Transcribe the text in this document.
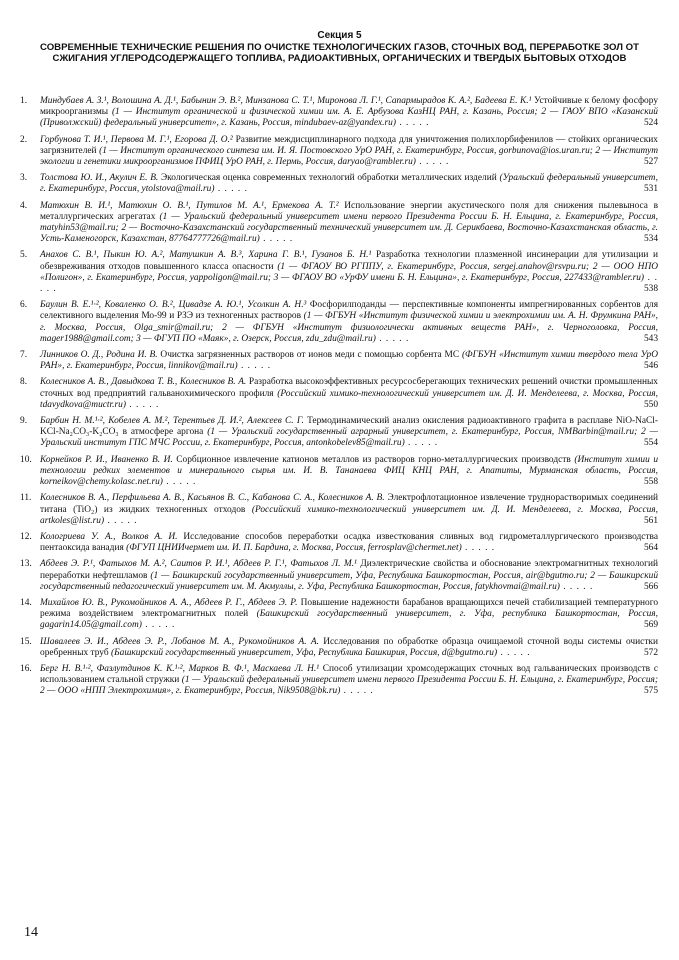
Секция 5
СОВРЕМЕННЫЕ ТЕХНИЧЕСКИЕ РЕШЕНИЯ ПО ОЧИСТКЕ ТЕХНОЛОГИЧЕСКИХ ГАЗОВ, СТОЧНЫХ ВОД, ПЕРЕРАБОТКЕ ЗОЛ ОТ СЖИГАНИЯ УГЛЕРОДСОДЕРЖАЩЕГО ТОПЛИВА, РАДИОАКТИВНЫХ, ОРГАНИЧЕСКИХ И ТВЕРДЫХ БЫТОВЫХ ОТХОДОВ
1.	Миндубаев А. З.¹, Волошина А. Д.¹, Бабынин Э. В.², Минзанова С. Т.¹, Миронова Л. Г.¹, Сапармырадов К. А.², Бадеева Е. К.¹ Устойчивые к белому фосфору микроорганизмы (1 — Институт органической и физической химии им. А. Е. Арбузова КазНЦ РАН, г. Казань, Россия; 2 — ГАОУ ВПО «Казанский (Приволжский) федеральный университет», г. Казань, Россия, mindubaev-az@yandex.ru) . . . . .	524
2.	Горбунова Т. И.¹, Первова М. Г.¹, Егорова Д. О.² Развитие междисциплинарного подхода для уничтожения полихлорбифенилов — стойких органических загрязнителей (1 — Институт органического синтеза им. И. Я. Постовского УрО РАН, г. Екатеринбург, Россия, gorbunova@ios.uran.ru; 2 — Институт экологии и генетики микроорганизмов ПФИЦ УрО РАН, г. Пермь, Россия, daryao@rambler.ru) . . . . .	527
3.	Толстова Ю. И., Акулич Е. В. Экологическая оценка современных технологий обработки металлических изделий (Уральский федеральный университет, г. Екатеринбург, Россия, ytolstova@mail.ru) . . . . .	531
4.	Матюхин В. И.¹, Матюхин О. В.¹, Путилов М. А.¹, Ермекова А. Т.² Использование энергии акустического поля для снижения пылевыноса в металлургических агрегатах (1 — Уральский федеральный университет имени первого Президента России Б. Н. Ельцина, г. Екатеринбург, Россия, matyhin53@mail.ru; 2 — Восточно-Казахстанский государственный технический университет им. Д. Серикбаева, Восточно-Казахстанская область, г. Усть-Каменогорск, Казахстан, 87764777726@mail.ru) . . . . .	534
5.	Анахов С. В.¹, Пыкин Ю. А.², Матушкин А. В.³, Харина Г. В.¹, Гузанов Б. Н.¹ Разработка технологии плазменной инсинерации для утилизации и обезвреживания отходов повышенного класса опасности (1 — ФГАОУ ВО РГППУ, г. Екатеринбург, Россия, sergej.anahov@rsvpu.ru; 2 — ООО НПО «Полигон», г. Екатеринбург, Россия, yappoligon@mail.ru; 3 — ФГАОУ ВО «УрФУ имени Б. Н. Ельцина», г. Екатеринбург, Россия, 227433@rambler.ru) . . . . .	538
6.	Баулин В. Е.¹·², Коваленко О. В.², Цивадзе А. Ю.¹, Усолкин А. Н.³ Фосфорилподанды — перспективные компоненты импрегнированных сорбентов для селективного выделения Мо-99 и РЗЭ из техногенных растворов (1 — ФГБУН «Институт физической химии и электрохимии им. А. Н. Фрумкина РАН», г. Москва, Россия, Olga_smir@mail.ru; 2 — ФГБУН «Институт физиологически активных веществ РАН», г. Черноголовка, Россия, mager1988@gmail.com; 3 — ФГУП ПО «Маяк», г. Озерск, Россия, zdu_zdu@mail.ru) . . . . .	543
7.	Линников О. Д., Родина И. В. Очистка загрязненных растворов от ионов меди с помощью сорбента МС (ФГБУН «Институт химии твердого тела УрО РАН», г. Екатеринбург, Россия, linnikov@mail.ru) . . . . .	546
8.	Колесников А. В., Давыдкова Т. В., Колесников В. А. Разработка высокоэффективных ресурсосберегающих технических решений очистки промышленных сточных вод предприятий гальванохимического профиля (Российский химико-технологический университет им. Д. И. Менделеева, г. Москва, Россия, tdavydkova@muctr.ru) . . . . .	550
9.	Барбин Н. М.¹·², Кобелев А. М.², Терентьев Д. И.², Алексеев С. Г. Термодинамический анализ окисления радиоактивного графита в расплаве NiO-NaCl-KCl-Na₂CO₃-K₂CO₃ в атмосфере аргона (1 — Уральский государственный аграрный университет, г. Екатеринбург, Россия, NMBarbin@mail.ru; 2 — Уральский институт ГПС МЧС России, г. Екатеринбург, Россия, antonkobelev85@mail.ru) . . . . .	554
10. Корнейков Р. И., Иваненко В. И. Сорбционное извлечение катионов металлов из растворов горно-металлургических производств (Институт химии и технологии редких элементов и минерального сырья им. И. В. Тананаева ФИЦ КНЦ РАН, г. Апатиты, Мурманская область, Россия, korneikov@chemy.kolasc.net.ru) . . . . .	558
11. Колесников В. А., Перфильева А. В., Касьянов В. С., Кабанова С. А., Колесников А. В. Электрофлотационное извлечение труднорастворимых соединений титана (TiO₂) из жидких техногенных отходов (Российский химико-технологический университет им. Д. И. Менделеева, г. Москва, Россия, artkoles@list.ru) . . . . .	561
12. Кологриева У. А., Волков А. И. Исследование способов переработки осадка известкования сливных вод гидрометаллургического производства пентаоксида ванадия (ФГУП ЦНИИчермет им. И. П. Бардина, г. Москва, Россия, ferrosplav@chermet.net) . . . . .	564
13. Абдеев Э. Р.¹, Фатыхов М. А.², Саитов Р. И.¹, Абдеев Р. Г.¹, Фатыхов Л. М.¹ Диэлектрические свойства и обоснование электромагнитных технологий переработки нефтешламов (1 — Башкирский государственный университет, Уфа, Республика Башкортостан, Россия, air@bgutmo.ru; 2 — Башкирский государственный педагогический университет им. М. Акмуллы, г. Уфа, Республика Башкортостан, Россия, fatykhovmai@mail.ru) . . . . .	566
14. Михайлов Ю. В., Рукомойников А. А., Абдеев Р. Г., Абдеев Э. Р. Повышение надежности барабанов вращающихся печей стабилизацией температурного режима воздействием электромагнитных полей (Башкирский государственный университет, г. Уфа, республика Башкортостан, Россия, gagarin14.05@gmail.com) . . . . .	569
15. Шавалеев Э. И., Абдеев Э. Р., Лобанов М. А., Рукомойников А. А. Исследования по обработке образца очищаемой сточной воды системы очистки оребренных труб (Башкирский государственный университет, Уфа, Республика Башкирия, Россия, d@bgutmo.ru) . . . . .	572
16. Берг Н. В.¹·², Фазлутдинов К. К.¹·², Марков В. Ф.¹, Маскаева Л. Н.¹ Способ утилизации хромсодержащих сточных вод гальванических производств с использованием стальной стружки (1 — Уральский федеральный университет имени первого Президента России Б. Н. Ельцина, г. Екатеринбург, Россия; 2 — ООО «НПП Электрохимия», г. Екатеринбург, Россия, Nik9508@bk.ru) . . . . .	575
14
